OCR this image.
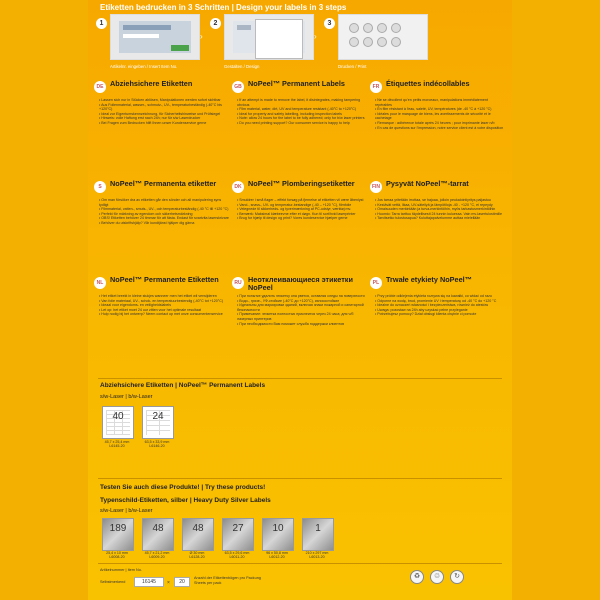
Etiketten bedrucken in 3 Schritten | Design your labels in 3 steps
1
›
Artikelnr. eingeben / Insert Item No.
2
›
Gestalten / Design
3
Drucken / Print
DE Abziehsichere Etiketten
• Lassen sich nur in Stücken ablösen, Manipulationen werden sofort sichtbar
• Aus Folienmaterial, wasser-, schmutz-, UV-, temperaturbeständig (-40°C bis +120°C)
• Ideal zur Eigentumskennzeichnung, für Sicherheitshinweise und Prüfsiegel
• Hinweis: volle Haftung erst nach 24h; nur für s/w Laserdrucker
• Bei Fragen zum Bedrucken hilft Ihnen unser Kundenservice gerne
GB NoPeel™ Permanent Labels
• If an attempt is made to remove the label, it disintegrates, making tampering obvious
• Film material, water, dirt, UV and temperature resistant (-40°C to +120°C)
• Ideal for property and safety labelling, including inspection labels
• Note: allow 24 hours for the label to be fully adhered; only for b/w laser printers
• Do you need printing support? Our consumer service is happy to help
FR Étiquettes indécollables
• Ne se décollent qu'en petits morceaux, manipulations immédiatement repérables
• En film résistant à l'eau, saleté, UV, températures (de -40 °C à +120 °C)
• Idéales pour le marquage de biens, les avertissements de sécurité et le cachetage
• Remarque : adhérence totale après 24 heures ; pour imprimante laser n/b
• En cas de questions sur l'impression, notre service client est à votre disposition
S	NoPeel™ Permanenta etiketter
• Om man försöker dra av etiketten går den sönder och all manipulering syns tydligt
• Filmmaterial, vatten-, smuts-, UV-, och temperaturbeständig (-40 °C till +120 °C)
• Perfekt för märkning av egendom och säkerhetsmärkning
• OBS! Etiketten behöver 24 timmar för att fästa. Endast för svartvita laserskrivare
• Behöver du utskriftshjälp? Vår kundtjänst hjälper dig gärna
DK NoPeel™ Plomberingsetiketter
• Smuldrer i små flager – effekt forsøg på fjernelse af etiketten vil være åbenlyst
• Vand-, snavs-, UV- og temperatur-bestandige (-40 – +120 °C), filmfolie
• Velegnede til sikkerheds- og tyverimærkning af PC-udstyr, værktøj mv.
• Bemærk: Maksimal klæbeevne efter et døgn. Kun til sort/hvid laserprinter
• Brug for hjælp til design og print? Vores kundeservice hjælper gerne
FIN Pysyvät NoPeel™-tarrat
• Jos tarraa yritetään irrottaa, se hajoaa, jolloin peukalointiyritys paljastuu
• Kestävät vettä, likaa, UV-säteilyä ja lämpötiloja -40 - +120 °C, ei repeydy
• Omaisuuden merkintään ja turva-merkintöihin, myös tarkastusmerkintöihin
• Huomio: Tarra tarttuu täydellisesti 24 tunnin kuluessa. Vain mv-lasertulostimille
• Tarvitsetko tulostusapua? Kuluttajapalvelumme auttaa mielellään
NL NoPeel™ Permanente Etiketten
• Het etiket breekt in kleine stukjes wanneer men het etiket wil verwijderen
• Van folie materiaal, UV-, schok- en temperatuurbestendig (-40°C tot +120°C)
• Ideaal voor eigendoms- en veiligheidslabels
• Let op: het etiket moet 24 uur zitten voor het optimale resultaat
• Hulp nodig bij het ontwerp? Neem contact op met onze consumentenservice
RU Неотклеивающиеся этикетки NoPeel
• При попытке удалить этикетку она рвется, оставляя следы на поверхности
• Водо-, грязе-, УФ-стойкие (-40°С до +120°С), износостойкие
• Идеальны для маркировки зданий, включая знаки пожарной и санитарной безопасности
• Примечание: этикетка полностью приклеится через 24 часа; для ч/б лазерных принтеров
• При необходимости Вам поможет служба поддержки клиентов
PL Trwałe etykiety NoPeel™
• Przy próbie odklejenia etykieta rozrywa się na kawałki, co widać od razu
• Odporne na wodę, brud, promienie UV i temperaturę od -40 °C do +120 °C
• Idealne do oznaczeń własności i bezpieczeństwa, również do atestów
• Uwaga: pozostaw na 24h aby uzyskać pełne przyleganie
• Potrzebujesz pomocy? Dział obsługi klienta chętnie ci pomoże
Abziehsichere Etiketten | NoPeel™ Permanent Labels
s/w-Laser | b/w-Laser
40
45,7 x 25,4 mm
L6145-20
24
63,5 x 33,9 mm
L6146-20
Testen Sie auch diese Produkte! | Try these products!
Typenschild-Etiketten, silber | Heavy Duty Silver Labels
s/w-Laser | b/w-Laser
189
25,4 x 10 mm
L6008-20
48
45,7 x 21,2 mm
L6009-20
48
Ø 30 mm
L6128-20
27
63,5 x 29,6 mm
L6011-20
10
96 x 50,8 mm
L6012-20
1
210 x 297 mm
L6013-20
Artikelnummer | Item No.
Selbstmerkend	16145	×	20
Anzahl der Etikettenbögen pro Packung
Sheets per pack
♻	♲	↻
